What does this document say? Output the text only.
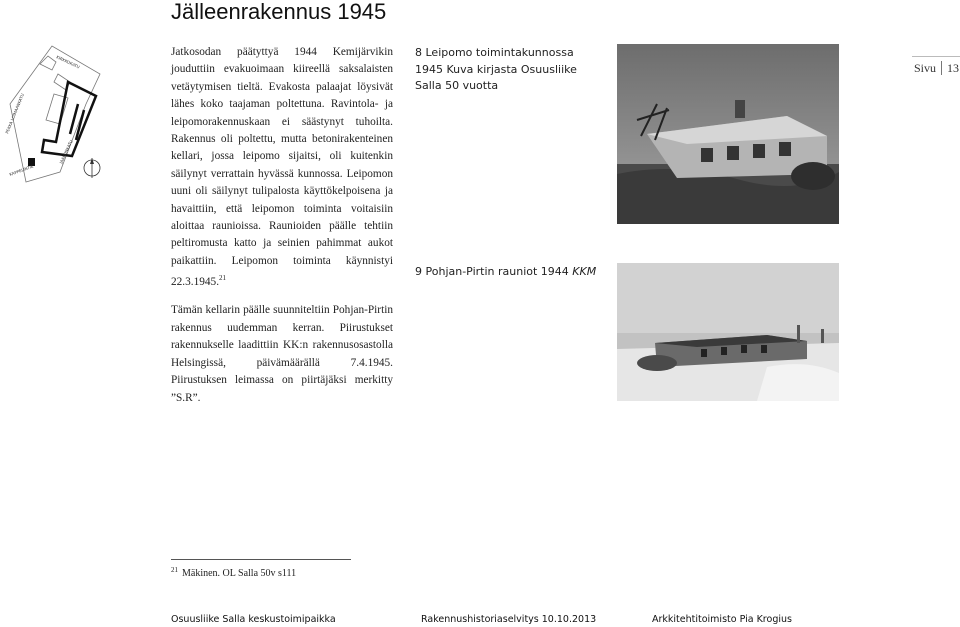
Jälleenrakennus 1945
Sivu 13
KIRKKOKATU
PEKKA LOIMAANKATU
JAAKONKATU
KAPPELINTIE

Jatkosodan päätyttyä 1944 Kemijärvikin jouduttiin evakuoimaan kiireellä saksalaisten vetäytymisen tieltä. Evakosta palaajat löysivät lähes koko taajaman poltettuna. Ravintola- ja leipomorakennuskaan ei säästynyt tuhoilta. Rakennus oli poltettu, mutta betonirakenteinen kellari, jossa leipomo sijaitsi, oli kuitenkin säilynyt verrattain hyvässä kunnossa. Leipomon uuni oli säilynyt tulipalosta käyttökelpoisena ja havaittiin, että leipomon toiminta voitaisiin aloittaa raunioissa. Raunioiden päälle tehtiin peltiromusta katto ja seinien pahimmat aukot paikattiin. Leipomon toiminta käynnistyi
22.3.1945.21

Tämän kellarin päälle suunniteltiin Pohjan-Pirtin rakennus uudemman kerran. Piirustukset rakennukselle laadittiin KK:n rakennusosastolla Helsingissä, päivämäärällä 7.4.1945. Piirustuksen leimassa on piirtäjäksi merkitty ”S.R”.

8 Leipomo toimintakunnossa 1945 Kuva kirjasta Osuusliike Salla 50 vuotta
9 Pohjan-Pirtin rauniot 1944 KKM
$^{21}$ Mäkinen. OL Salla 50v s111
Osuusliike Salla keskustoimipaikka	Rakennushistoriaselvitys 10.10.2013	Arkkitehtitoimisto Pia Krogius
